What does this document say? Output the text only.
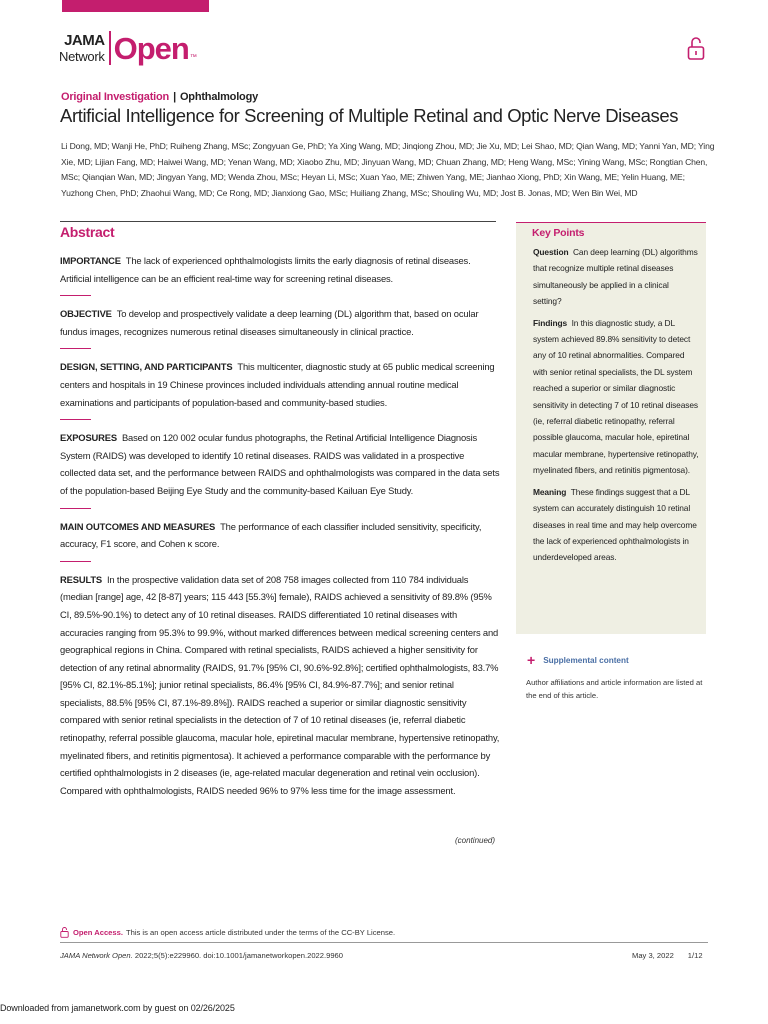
JAMA
Network Open ™
Original Investigation | Ophthalmology
Artificial Intelligence for Screening of Multiple Retinal and Optic Nerve Diseases
Li Dong, MD; Wanji He, PhD; Ruiheng Zhang, MSc; Zongyuan Ge, PhD; Ya Xing Wang, MD; Jinqiong Zhou, MD; Jie Xu, MD; Lei Shao, MD; Qian Wang, MD; Yanni Yan, MD; Ying Xie, MD; Lijian Fang, MD; Haiwei Wang, MD; Yenan Wang, MD; Xiaobo Zhu, MD; Jinyuan Wang, MD; Chuan Zhang, MD; Heng Wang, MSc; Yining Wang, MSc; Rongtian Chen, MSc; Qianqian Wan, MD; Jingyan Yang, MD; Wenda Zhou, MSc; Heyan Li, MSc; Xuan Yao, ME; Zhiwen Yang, ME; Jianhao Xiong, PhD; Xin Wang, ME; Yelin Huang, ME; Yuzhong Chen, PhD; Zhaohui Wang, MD; Ce Rong, MD; Jianxiong Gao, MSc; Huiliang Zhang, MSc; Shouling Wu, MD; Jost B. Jonas, MD; Wen Bin Wei, MD
Abstract

IMPORTANCE The lack of experienced ophthalmologists limits the early diagnosis of retinal diseases. Artificial intelligence can be an efficient real-time way for screening retinal diseases.

OBJECTIVE To develop and prospectively validate a deep learning (DL) algorithm that, based on ocular fundus images, recognizes numerous retinal diseases simultaneously in clinical practice.

DESIGN, SETTING, AND PARTICIPANTS This multicenter, diagnostic study at 65 public medical screening centers and hospitals in 19 Chinese provinces included individuals attending annual routine medical examinations and participants of population-based and community-based studies.

EXPOSURES Based on 120 002 ocular fundus photographs, the Retinal Artificial Intelligence Diagnosis System (RAIDS) was developed to identify 10 retinal diseases. RAIDS was validated in a prospective collected data set, and the performance between RAIDS and ophthalmologists was compared in the data sets of the population-based Beijing Eye Study and the community-based Kailuan Eye Study.

MAIN OUTCOMES AND MEASURES The performance of each classifier included sensitivity, specificity, accuracy, F1 score, and Cohen κ score.

RESULTS In the prospective validation data set of 208 758 images collected from 110 784 individuals (median [range] age, 42 [8-87] years; 115 443 [55.3%] female), RAIDS achieved a sensitivity of 89.8% (95% CI, 89.5%-90.1%) to detect any of 10 retinal diseases. RAIDS differentiated 10 retinal diseases with accuracies ranging from 95.3% to 99.9%, without marked differences between medical screening centers and geographical regions in China. Compared with retinal specialists, RAIDS achieved a higher sensitivity for detection of any retinal abnormality (RAIDS, 91.7% [95% CI, 90.6%-92.8%]; certified ophthalmologists, 83.7% [95% CI, 82.1%-85.1%]; junior retinal specialists, 86.4% [95% CI, 84.9%-87.7%]; and senior retinal specialists, 88.5% [95% CI, 87.1%-89.8%]). RAIDS reached a superior or similar diagnostic sensitivity compared with senior retinal specialists in the detection of 7 of 10 retinal diseases (ie, referral diabetic retinopathy, referral possible glaucoma, macular hole, epiretinal macular membrane, hypertensive retinopathy, myelinated fibers, and retinitis pigmentosa). It achieved a performance comparable with the performance by certified ophthalmologists in 2 diseases (ie, age-related macular degeneration and retinal vein occlusion). Compared with ophthalmologists, RAIDS needed 96% to 97% less time for the image assessment.

(continued)
Key Points

Question Can deep learning (DL) algorithms that recognize multiple retinal diseases simultaneously be applied in a clinical setting?

Findings In this diagnostic study, a DL system achieved 89.8% sensitivity to detect any of 10 retinal abnormalities. Compared with senior retinal specialists, the DL system reached a superior or similar diagnostic sensitivity in detecting 7 of 10 retinal diseases (ie, referral diabetic retinopathy, referral possible glaucoma, macular hole, epiretinal macular membrane, hypertensive retinopathy, myelinated fibers, and retinitis pigmentosa).

Meaning These findings suggest that a DL system can accurately distinguish 10 retinal diseases in real time and may help overcome the lack of experienced ophthalmologists in underdeveloped areas.

+ Supplemental content
Author affiliations and article information are listed at the end of this article.
Open Access. This is an open access article distributed under the terms of the CC-BY License.
JAMA Network Open. 2022;5(5):e229960. doi:10.1001/jamanetworkopen.2022.9960	May 3, 2022 1/12
Downloaded from jamanetwork.com by guest on 02/26/2025
